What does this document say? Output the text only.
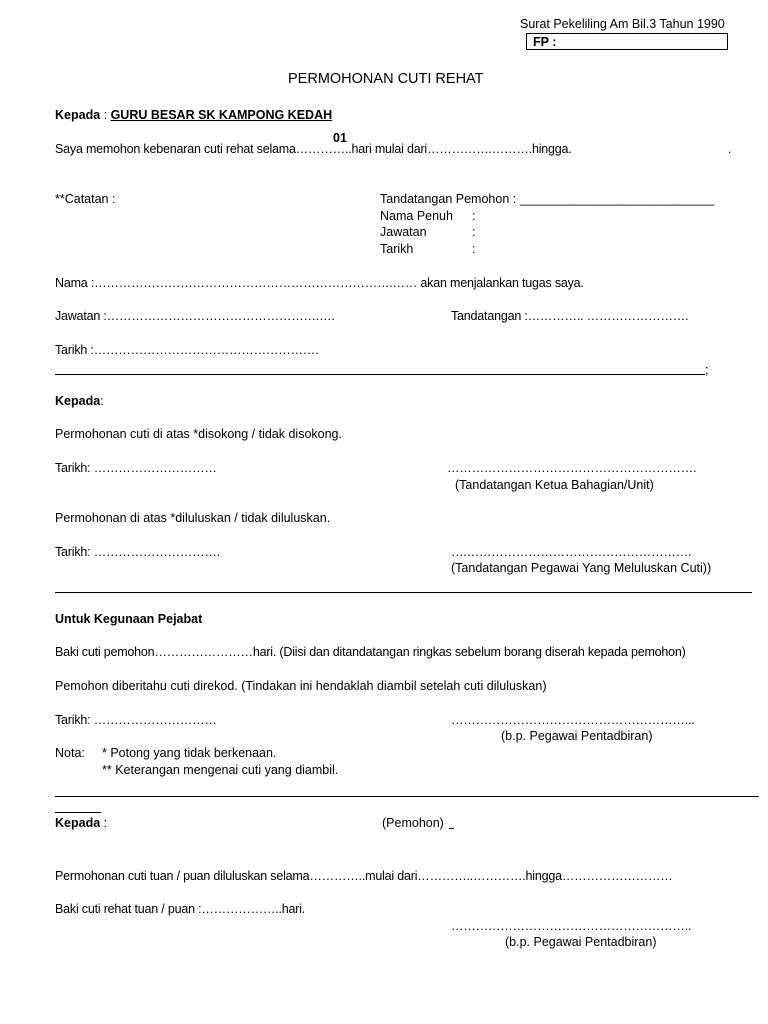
Surat Pekeliling Am Bil.3 Tahun 1990
FP :
PERMOHONAN CUTI REHAT
Kepada : GURU BESAR SK KAMPONG KEDAH
01
Saya memohon kebenaran cuti rehat selama…………..hari mulai dari…………….……….hingga.	.
**Catatan :	Tandatangan Pemohon : ____________________________
Nama Penuh :
Jawatan	:
Tarikh	:
Nama :……………………………………………………………….…… akan menjalankan tugas saya.
Jawatan :…………………………………………….….	Tandatangan :………….. …………………….
Tarikh :……………………………………………….
;
Kepada:
Permohonan cuti di atas *disokong / tidak disokong.
Tarikh: …………………………	…………………………………………………….
(Tandatangan Ketua Bahagian/Unit)
Permohonan di atas *diluluskan / tidak diluluskan.
Tarikh: ………………………….	….……………………………………………….
(Tandatangan Pegawai Yang Meluluskan Cuti))
Untuk Kegunaan Pejabat
Baki cuti pemohon……………………hari. (Diisi dan ditandatangan ringkas sebelum borang diserah kepada pemohon)
Pemohon diberitahu cuti direkod. (Tindakan ini hendaklah diambil setelah cuti diluluskan)
Tarikh: …………………………	…………………………………………………...
(b.p. Pegawai Pentadbiran)
Nota: * Potong yang tidak berkenaan.
** Keterangan mengenai cuti yang diambil.
Kepada :	(Pemohon)
Permohonan cuti tuan / puan diluluskan selama…………..mulai dari…………..………….hingga………………………
Baki cuti rehat tuan / puan :………………..hari.
…………………………………………………..
(b.p. Pegawai Pentadbiran)
